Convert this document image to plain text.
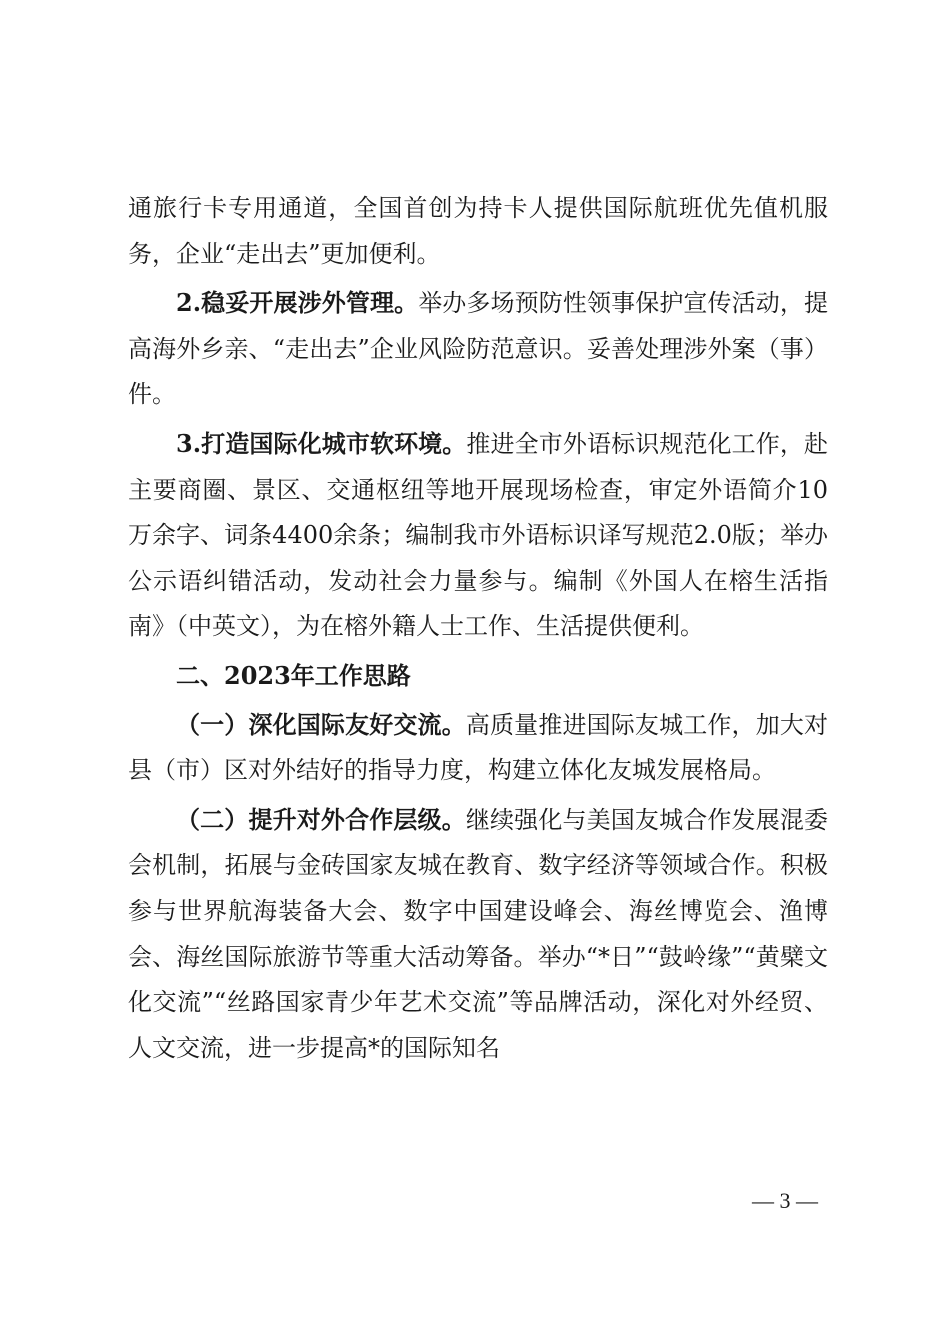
通旅行卡专用通道，全国首创为持卡人提供国际航班优先值机服务，企业“走出去”更加便利。

2.稳妥开展涉外管理。举办多场预防性领事保护宣传活动，提高海外乡亲、“走出去”企业风险防范意识。妥善处理涉外案（事）件。

3.打造国际化城市软环境。推进全市外语标识规范化工作，赴主要商圈、景区、交通枢纽等地开展现场检查，审定外语简介10万余字、词条4400余条；编制我市外语标识译写规范2.0版；举办公示语纠错活动，发动社会力量参与。编制《外国人在榕生活指南》（中英文），为在榕外籍人士工作、生活提供便利。

二、2023年工作思路

（一）深化国际友好交流。高质量推进国际友城工作，加大对县（市）区对外结好的指导力度，构建立体化友城发展格局。

（二）提升对外合作层级。继续强化与美国友城合作发展混委会机制，拓展与金砖国家友城在教育、数字经济等领域合作。积极参与世界航海装备大会、数字中国建设峰会、海丝博览会、渔博会、海丝国际旅游节等重大活动筹备。举办“*日”“鼓岭缘”“黄檗文化交流”“丝路国家青少年艺术交流”等品牌活动，深化对外经贸、人文交流，进一步提高*的国际知名

— 3 —
